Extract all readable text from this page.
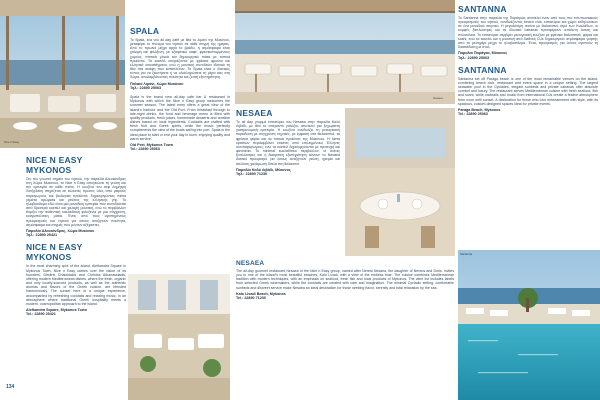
Nice N Easy
NICE N EASY MYKONOS
Στο πιο γνωστό σημείο του νησιού, την παραλία Αλευκάνδρας στη Χώρα Μυκόνου, το Nice n Easy απογειώνει τη γεύση και την εμπειρία σε κάθε πιάτο. Η κουζίνα του σεφ Δημήτρη Χατζηδάκη στηρίζεται σε εκλεκτές πρώτες ύλες από μικρούς παραγωγούς και βιολογικά προϊόντα, δημιουργώντας πιάτα γεμάτα αρώματα και γεύσεις της ελληνικής γης. Το ηλιοβασίλεμα εδώ είναι μια μοναδική εμπειρία που συνοδεύεται από δροσερά κοκτέιλ και χαλαρή μουσική, ενώ το περιβάλλον θυμίζει την αυθεντική κυκλαδίτικη φιλοξενία με μια σύγχρονη, κοσμοπολίτικη ματιά. Ένας από τους αγαπημένους προορισμούς του νησιού για όσους αναζητούν ποιότητα, ατμόσφαιρα και στιγμές που μένουν αξέχαστες.
Παραλία Αλευκάνδρας, Χώρα Μυκόνου
Τηλ.: 22890 25421
NICE N EASY MYKONOS
In the most charming spot of the island, Alefkandra Square in Mykonos Town, Nice n Easy carries over the vision of its founders, Dimitris Chatzidakis and Christos Athanassiadis, offering modern Mediterranean dishes, where the fresh, organic and only locally-sourced products, as well as the authentic aromas and flavors of the Greek cuisine, are blended harmoniously. The sunset here is a unique experience, accompanied by refreshing cocktails and relaxing music, in an atmosphere where traditional Greek hospitality meets a modern, cosmopolitan approach to the island.
Alefkandra Square, Mykonos Town
Tel.: 22890 25421
134
SPALA
Το Spala, ένα νέο all day café με θέα το λιμάνι της Μυκόνου, μεταφέρει το πνεύμα του νησιού σε κάθε στιγμή της ημέρας. Από το πρωινό μέχρι αργά το βράδυ, η ατμόσφαιρα είναι χαλαρή και φιλόξενη, με εξαιρετικό καφέ, φρεσκοστυμμένους χυμούς, σπιτικά γλυκά και δημιουργικά πιάτα με τοπικά προϊόντα. Τα κοκτέιλ ετοιμάζονται με φρέσκα φρούτα και ελληνικά αποστάγματα, ενώ η μουσική συνοδεύει ιδανικά τη θέα στα σκάφη που καταπλέουν. Το Spala είναι ο ιδανικός τόπος για να ξεκινήσετε ή να ολοκληρώσετε τη μέρα σας στη Χώρα, απολαμβάνοντας ποιότητα και ζεστή εξυπηρέτηση.
Παλαιό Λιμάνι, Χώρα Μυκόνου
Τηλ.: 22890 25063
Spala is the brand new all-day café bar & restaurant in Mykonos with which the Nice n Easy group welcomes the summer season. The latest entry offers a great view of the island's harbour and the Old Port. From breakfast through to late-night drinks, the food and beverage menu is filled with quality products, fresh juices, homemade desserts and creative dishes based on local ingredients. Cocktails are crafted with fresh fruit and Greek spirits, while the music perfectly complements the view of the boats sailing into port. Spala is the ideal place to start or end your day in town, enjoying quality and warm service.
Old Port, Mykonos Town
Tel.: 22890 25063
Nesaea
NESAEA
Το all day γουρμέ εστιατόριο του Nesaea στην παραλία Καλό Λιβάδι, με θέα το απέραντο γαλάζιο, αποτελεί μια ξεχωριστή γαστρονομική εμπειρία. Η κουζίνα συνδυάζει τη μεσογειακή παράδοση με σύγχρονες τεχνικές, με έμφαση στα θαλασσινά, τα φρέσκα ψάρια και τα τοπικά προϊόντα της Μυκόνου. Η λίστα κρασιών περιλαμβάνει ετικέτες από επιλεγμένους Έλληνες οινοπαραγωγούς, ενώ τα κοκτέιλ δημιουργούνται με προσοχή και φαντασία. Το minimal κυκλαδίτικο περιβάλλον, οι άνετες ξαπλώστρες και η διακριτική εξυπηρέτηση κάνουν το Nesaea ιδανικό προορισμό για όσους αναζητούν γεύση, ηρεμία και απόλυτη χαλάρωση δίπλα στη θάλασσα.
Παραλία Καλό Λιβάδι, Μύκονος
Τηλ.: 22890 71230
NESAEA
The all-day gourmet restaurant Nesaea of the Nice n Easy group, named after Nereid Nesaea, the daughter of Nereus and Doris, invites you to one of the island's most beautiful beaches, Kalo Livadi, with a view of the endless blue. The cuisine combines Mediterranean tradition with modern techniques, with an emphasis on seafood, fresh fish and local products of Mykonos. The wine list includes labels from selected Greek winemakers, while the cocktails are created with care and imagination. The minimal Cycladic setting, comfortable sunbeds and discreet service make Nesaea an ideal destination for those seeking flavor, serenity and total relaxation by the sea.
Kalo Livadi Beach, Mykonos
Tel.: 22890 71230
SANTANNA
Το Santanna στην παραλία της Παράγκας αποτελεί έναν από τους πιο εντυπωσιακούς προορισμούς του νησιού, συνδυάζοντας beach club, εστιατόριο και χώρο εκδηλώσεων σε ένα μοναδικό σκηνικό. Η μεγαλύτερη πισίνα με θαλασσινό νερό των Κυκλάδων, οι κομψές ξαπλώστρες και τα ιδιωτικά cabanas προσφέρουν απόλυτη άνεση και πολυτέλεια. Το εστιατόριο σερβίρει μεσογειακή κουζίνα με φρέσκα θαλασσινά, ψάρια και sushi, ενώ τα κοκτέιλ και η μουσική από διεθνείς DJs δημιουργούν ατμόσφαιρα γιορτής από το μεσημέρι μέχρι το ηλιοβασίλεμα. Ένας προορισμός για όσους αγαπούν τη διασκέδαση με στυλ.
Παραλία Παράγκα, Μύκονος
Τηλ.: 22890 25063
SANTANNA
Santanna set off Paraga beach is one of the most remarkable venues on the island, combining beach club, restaurant and event space in a unique setting. The largest seawater pool in the Cyclades, elegant sunbeds and private cabanas offer absolute comfort and luxury. The restaurant serves Mediterranean cuisine with fresh seafood, fish and sushi, while cocktails and music from international DJs create a festive atmosphere from noon until sunset. A destination for those who love entertainment with style, with its spacious, custom-designed spaces ideal for private events.
Paraga Beach, Mykonos
Tel.: 22890 25063
Santanna
